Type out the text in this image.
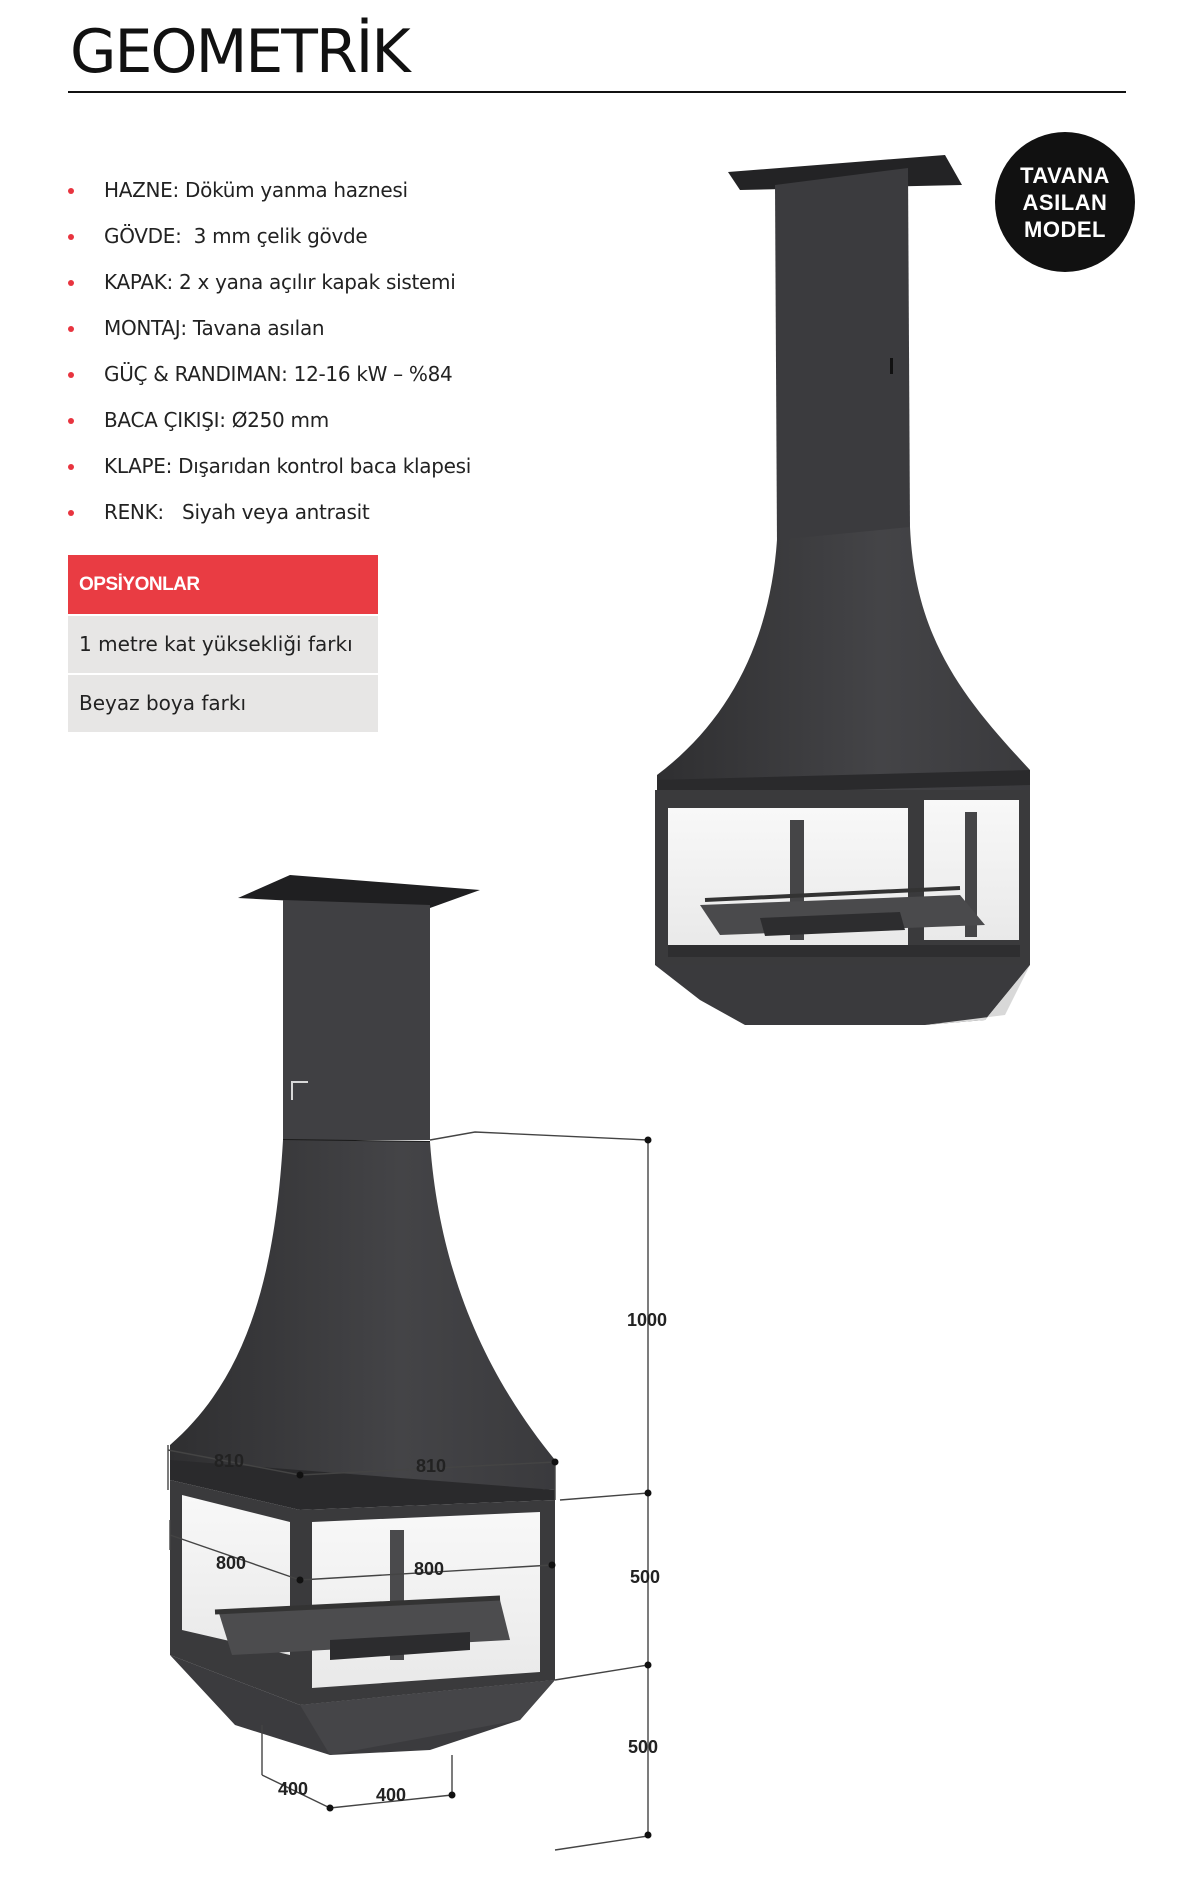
GEOMETRİK
HAZNE: Döküm yanma haznesi
GÖVDE: 3 mm çelik gövde
KAPAK: 2 x yana açılır kapak sistemi
MONTAJ: Tavana asılan
GÜÇ & RANDIMAN: 12-16 kW – %84
BACA ÇIKIŞI: Ø250 mm
KLAPE: Dışarıdan kontrol baca klapesi
RENK: Siyah veya antrasit
OPSİYONLAR
1 metre kat yüksekliği farkı
Beyaz boya farkı
TAVANA
ASILAN
MODEL
810	810
800	800
400	400
1000
500
500
